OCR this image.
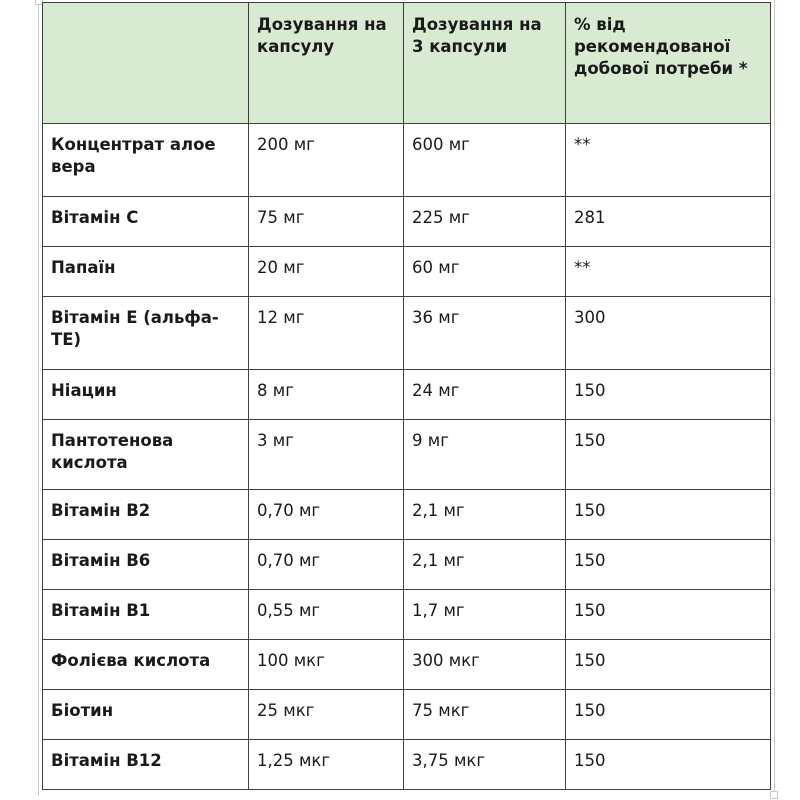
	Дозування на капсулу	Дозування на 3 капсули	% від рекомендованої добової потреби *
Концентрат алое вера	200 мг	600 мг	**
Вітамін С	75 мг	225 мг	281
Папаїн	20 мг	60 мг	**
Вітамін Е (альфа-ТЕ)	12 мг	36 мг	300
Ніацин	8 мг	24 мг	150
Пантотенова кислота	3 мг	9 мг	150
Вітамін В2	0,70 мг	2,1 мг	150
Вітамін В6	0,70 мг	2,1 мг	150
Вітамін В1	0,55 мг	1,7 мг	150
Фолієва кислота	100 мкг	300 мкг	150
Біотин	25 мкг	75 мкг	150
Вітамін В12	1,25 мкг	3,75 мкг	150
